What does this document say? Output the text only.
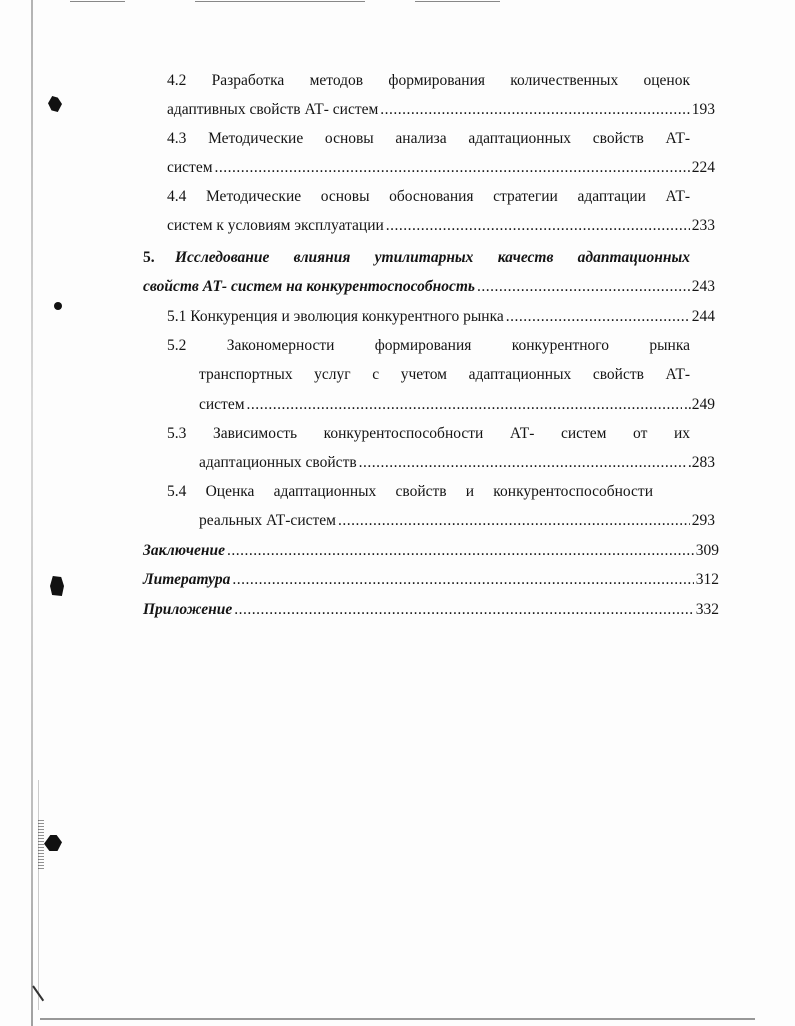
4.2 Разработка методов формирования количественных оценок
адаптивных свойств АТ- систем .....	193
4.3 Методические основы анализа адаптационных свойств АТ-
систем .....	224
4.4 Методические основы обоснования стратегии адаптации АТ-
систем к условиям эксплуатации .....	233
5.	Исследование влияния утилитарных качеств адаптационных
свойств АТ- систем на конкурентоспособность .....	243
5.1 Конкуренция и эволюция конкурентного рынка .....	244
5.2 Закономерности формирования конкурентного рынка
транспортных услуг с учетом адаптационных свойств АТ-
систем .....	..249
5.3 Зависимость конкурентоспособности АТ- систем от их
адаптационных свойств .....	.283
5.4 Оценка адаптационных свойств и конкурентоспособности
реальных АТ-систем .....	293
Заключение .....	309
Литература .....	312
Приложение .....	332
